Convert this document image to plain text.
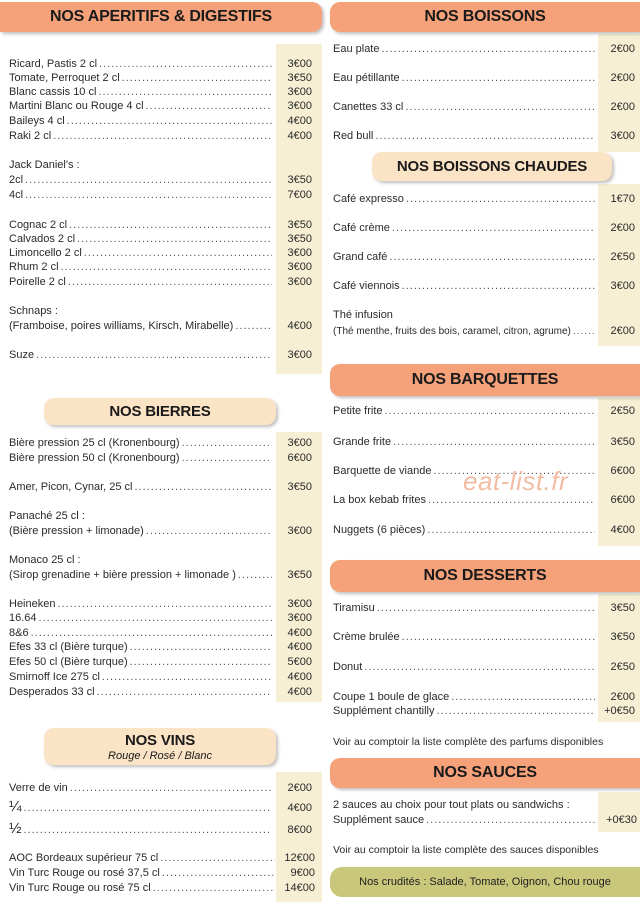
NOS APERITIFS & DIGESTIFS
Ricard, Pastis 2 cl .....	3€00
Tomate, Perroquet 2 cl .....	3€50
Blanc cassis 10 cl .....	3€00
Martini Blanc ou Rouge 4 cl .....	3€00
Baileys 4 cl .....	4€00
Raki 2 cl .....	4€00
Jack Daniel's :
2cl .....	3€50
4cl .....	7€00
Cognac 2 cl .....	3€50
Calvados 2 cl .....	3€50
Limoncello 2 cl .....	3€00
Rhum 2 cl .....	3€00
Poirelle 2 cl .....	3€00
Schnaps :
(Framboise, poires williams, Kirsch, Mirabelle) .....	4€00
Suze .....	3€00
NOS BIERRES
Bière pression 25 cl (Kronenbourg) .....	3€00
Bière pression 50 cl (Kronenbourg) .....	6€00
Amer, Picon, Cynar, 25 cl .....	3€50
Panaché 25 cl :
(Bière pression + limonade) .....	3€00
Monaco 25 cl :
(Sirop grenadine + bière pression + limonade ) .....	3€50
Heineken .....	3€00
16.64 .....	3€00
8&6 .....	4€00
Efes 33 cl (Bière turque) .....	4€00
Efes 50 cl (Bière turque) .....	5€00
Smirnoff Ice 275 cl .....	4€00
Desperados 33 cl .....	4€00
NOS VINS
Rouge / Rosé / Blanc
Verre de vin .....	2€00
¼ .....	4€00
½ .....	8€00
AOC Bordeaux supérieur 75 cl .....	12€00
Vin Turc Rouge ou rosé 37,5 cl .....	9€00
Vin Turc Rouge ou rosé 75 cl .....	14€00
NOS BOISSONS
Eau plate .....	2€00
Eau pétillante .....	2€00
Canettes 33 cl .....	2€00
Red bull .....	3€00
NOS BOISSONS CHAUDES
Café expresso .....	1€70
Café crème .....	2€00
Grand café .....	2€50
Café viennois .....	3€00
Thé infusion
(Thé menthe, fruits des bois, caramel, citron, agrume) .....	2€00
NOS BARQUETTES
Petite frite .....	2€50
Grande frite .....	3€50
Barquette de viande .....	6€00
La box kebab frites .....	6€00
Nuggets (6 pièces) .....	4€00
NOS DESSERTS
Tiramisu .....	3€50
Crème brulée .....	3€50
Donut .....	2€50
Coupe 1 boule de glace .....	2€00
Supplément chantilly .....	+0€50
Voir au comptoir la liste complète des parfums disponibles
NOS SAUCES
2 sauces au choix pour tout plats ou sandwichs :
Supplément sauce .....	+0€30
Voir au comptoir la liste complète des sauces disponibles
Nos crudités : Salade, Tomate, Oignon, Chou rouge
eat-list.fr
